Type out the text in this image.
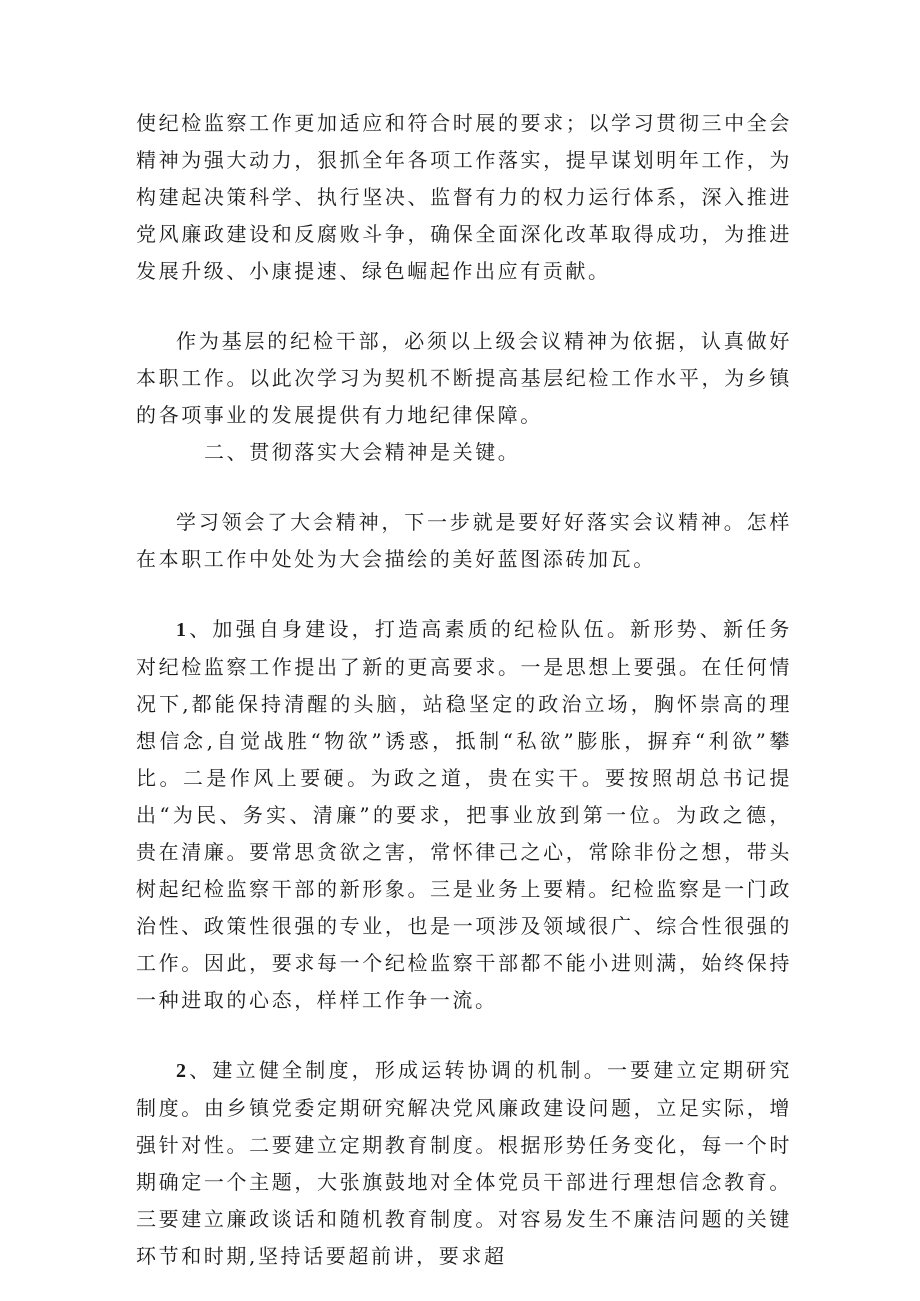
使纪检监察工作更加适应和符合时展的要求；以学习贯彻三中全会精神为强大动力，狠抓全年各项工作落实，提早谋划明年工作，为构建起决策科学、执行坚决、监督有力的权力运行体系，深入推进党风廉政建设和反腐败斗争，确保全面深化改革取得成功，为推进发展升级、小康提速、绿色崛起作出应有贡献。

作为基层的纪检干部，必须以上级会议精神为依据，认真做好本职工作。以此次学习为契机不断提高基层纪检工作水平，为乡镇的各项事业的发展提供有力地纪律保障。

二、贯彻落实大会精神是关键。

学习领会了大会精神，下一步就是要好好落实会议精神。怎样在本职工作中处处为大会描绘的美好蓝图添砖加瓦。

1、加强自身建设，打造高素质的纪检队伍。新形势、新任务对纪检监察工作提出了新的更高要求。一是思想上要强。在任何情况下,都能保持清醒的头脑，站稳坚定的政治立场，胸怀崇高的理想信念,自觉战胜“物欲”诱惑，抵制“私欲”膨胀，摒弃“利欲”攀比。二是作风上要硬。为政之道，贵在实干。要按照胡总书记提出“为民、务实、清廉”的要求，把事业放到第一位。为政之德，贵在清廉。要常思贪欲之害，常怀律己之心，常除非份之想，带头树起纪检监察干部的新形象。三是业务上要精。纪检监察是一门政治性、政策性很强的专业，也是一项涉及领域很广、综合性很强的工作。因此，要求每一个纪检监察干部都不能小进则满，始终保持一种进取的心态，样样工作争一流。

2、建立健全制度，形成运转协调的机制。一要建立定期研究制度。由乡镇党委定期研究解决党风廉政建设问题，立足实际，增强针对性。二要建立定期教育制度。根据形势任务变化，每一个时期确定一个主题，大张旗鼓地对全体党员干部进行理想信念教育。三要建立廉政谈话和随机教育制度。对容易发生不廉洁问题的关键环节和时期,坚持话要超前讲，要求超
